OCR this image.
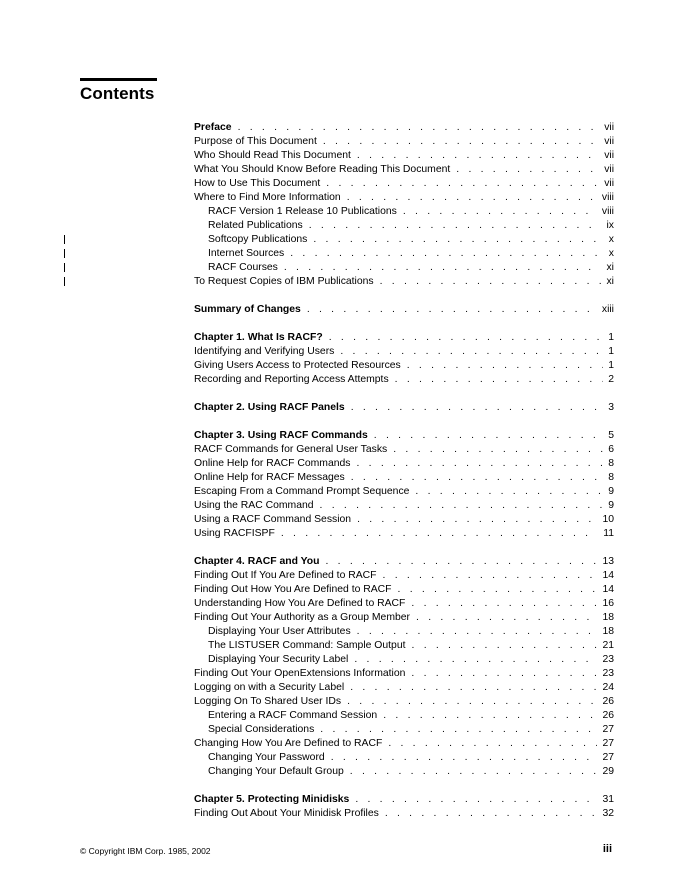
Contents
Preface . . .	vii
Purpose of This Document . . .	vii
Who Should Read This Document . . .	vii
What You Should Know Before Reading This Document . . .	vii
How to Use This Document . . .	vii
Where to Find More Information . . .	viii
RACF Version 1 Release 10 Publications . . .	viii
Related Publications . . .	ix
Softcopy Publications . . .	x
Internet Sources . . .	x
RACF Courses . . .	xi
To Request Copies of IBM Publications . . .	xi
Summary of Changes . . .	xiii
Chapter 1. What Is RACF? . . .	1
Identifying and Verifying Users . . .	1
Giving Users Access to Protected Resources . . .	1
Recording and Reporting Access Attempts . . .	2
Chapter 2. Using RACF Panels . . .	3
Chapter 3. Using RACF Commands . . .	5
RACF Commands for General User Tasks . . .	6
Online Help for RACF Commands . . .	8
Online Help for RACF Messages . . .	8
Escaping From a Command Prompt Sequence . . .	9
Using the RAC Command . . .	9
Using a RACF Command Session . . .	10
Using RACFISPF . . .	11
Chapter 4. RACF and You . . .	13
Finding Out If You Are Defined to RACF . . .	14
Finding Out How You Are Defined to RACF . . .	14
Understanding How You Are Defined to RACF . . .	16
Finding Out Your Authority as a Group Member . . .	18
Displaying Your User Attributes . . .	18
The LISTUSER Command: Sample Output . . .	21
Displaying Your Security Label . . .	23
Finding Out Your OpenExtensions Information . . .	23
Logging on with a Security Label . . .	24
Logging On To Shared User IDs . . .	26
Entering a RACF Command Session . . .	26
Special Considerations . . .	27
Changing How You Are Defined to RACF . . .	27
Changing Your Password . . .	27
Changing Your Default Group . . .	29
Chapter 5. Protecting Minidisks . . .	31
Finding Out About Your Minidisk Profiles . . .	32
© Copyright IBM Corp. 1985, 2002	iii
